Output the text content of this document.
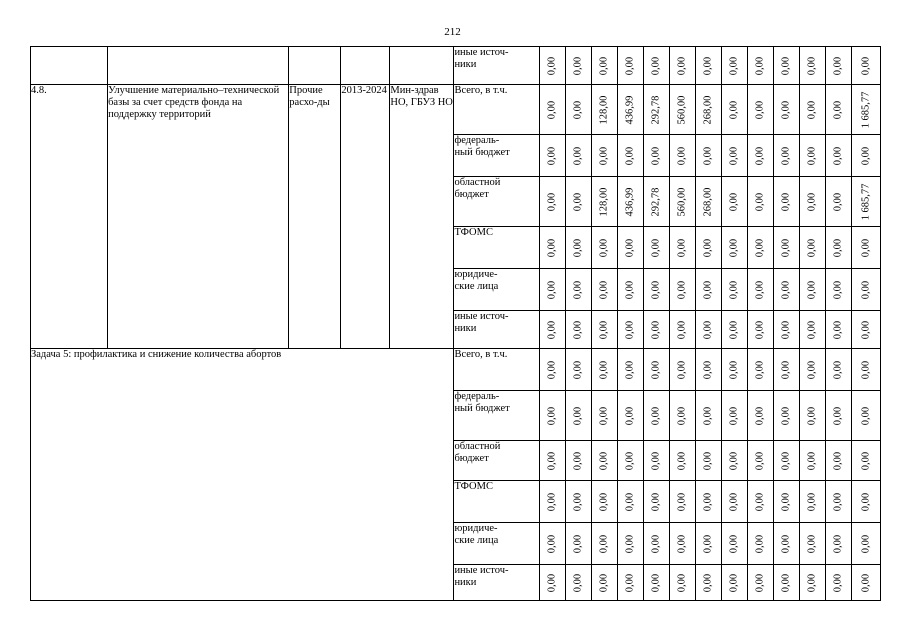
212
					иные источ-
ники	0,00	0,00	0,00	0,00	0,00	0,00	0,00	0,00	0,00	0,00	0,00	0,00	0,00

4.8.	Улучшение материально–технической базы за счет средств фонда на поддержку территорий	Прочие расхо-ды	2013-2024	Мин-здрав НО, ГБУЗ НО	Всего, в т.ч.	0,00	0,00	128,00	436,99	292,78	560,00	268,00	0,00	0,00	0,00	0,00	0,00	1 685,77

					федераль-
ный бюджет	0,00	0,00	0,00	0,00	0,00	0,00	0,00	0,00	0,00	0,00	0,00	0,00	0,00

					областной
бюджет	0,00	0,00	128,00	436,99	292,78	560,00	268,00	0,00	0,00	0,00	0,00	0,00	1 685,77

					ТФОМС	0,00	0,00	0,00	0,00	0,00	0,00	0,00	0,00	0,00	0,00	0,00	0,00	0,00

					юридиче-
ские лица	0,00	0,00	0,00	0,00	0,00	0,00	0,00	0,00	0,00	0,00	0,00	0,00	0,00

					иные источ-
ники	0,00	0,00	0,00	0,00	0,00	0,00	0,00	0,00	0,00	0,00	0,00	0,00	0,00

Задача 5: профилактика и снижение количества абортов					Всего, в т.ч.	0,00	0,00	0,00	0,00	0,00	0,00	0,00	0,00	0,00	0,00	0,00	0,00	0,00

					федераль-
ный бюджет	0,00	0,00	0,00	0,00	0,00	0,00	0,00	0,00	0,00	0,00	0,00	0,00	0,00

					областной
бюджет	0,00	0,00	0,00	0,00	0,00	0,00	0,00	0,00	0,00	0,00	0,00	0,00	0,00

					ТФОМС	0,00	0,00	0,00	0,00	0,00	0,00	0,00	0,00	0,00	0,00	0,00	0,00	0,00

					юридиче-
ские лица	0,00	0,00	0,00	0,00	0,00	0,00	0,00	0,00	0,00	0,00	0,00	0,00	0,00

					иные источ-
ники	0,00	0,00	0,00	0,00	0,00	0,00	0,00	0,00	0,00	0,00	0,00	0,00	0,00
